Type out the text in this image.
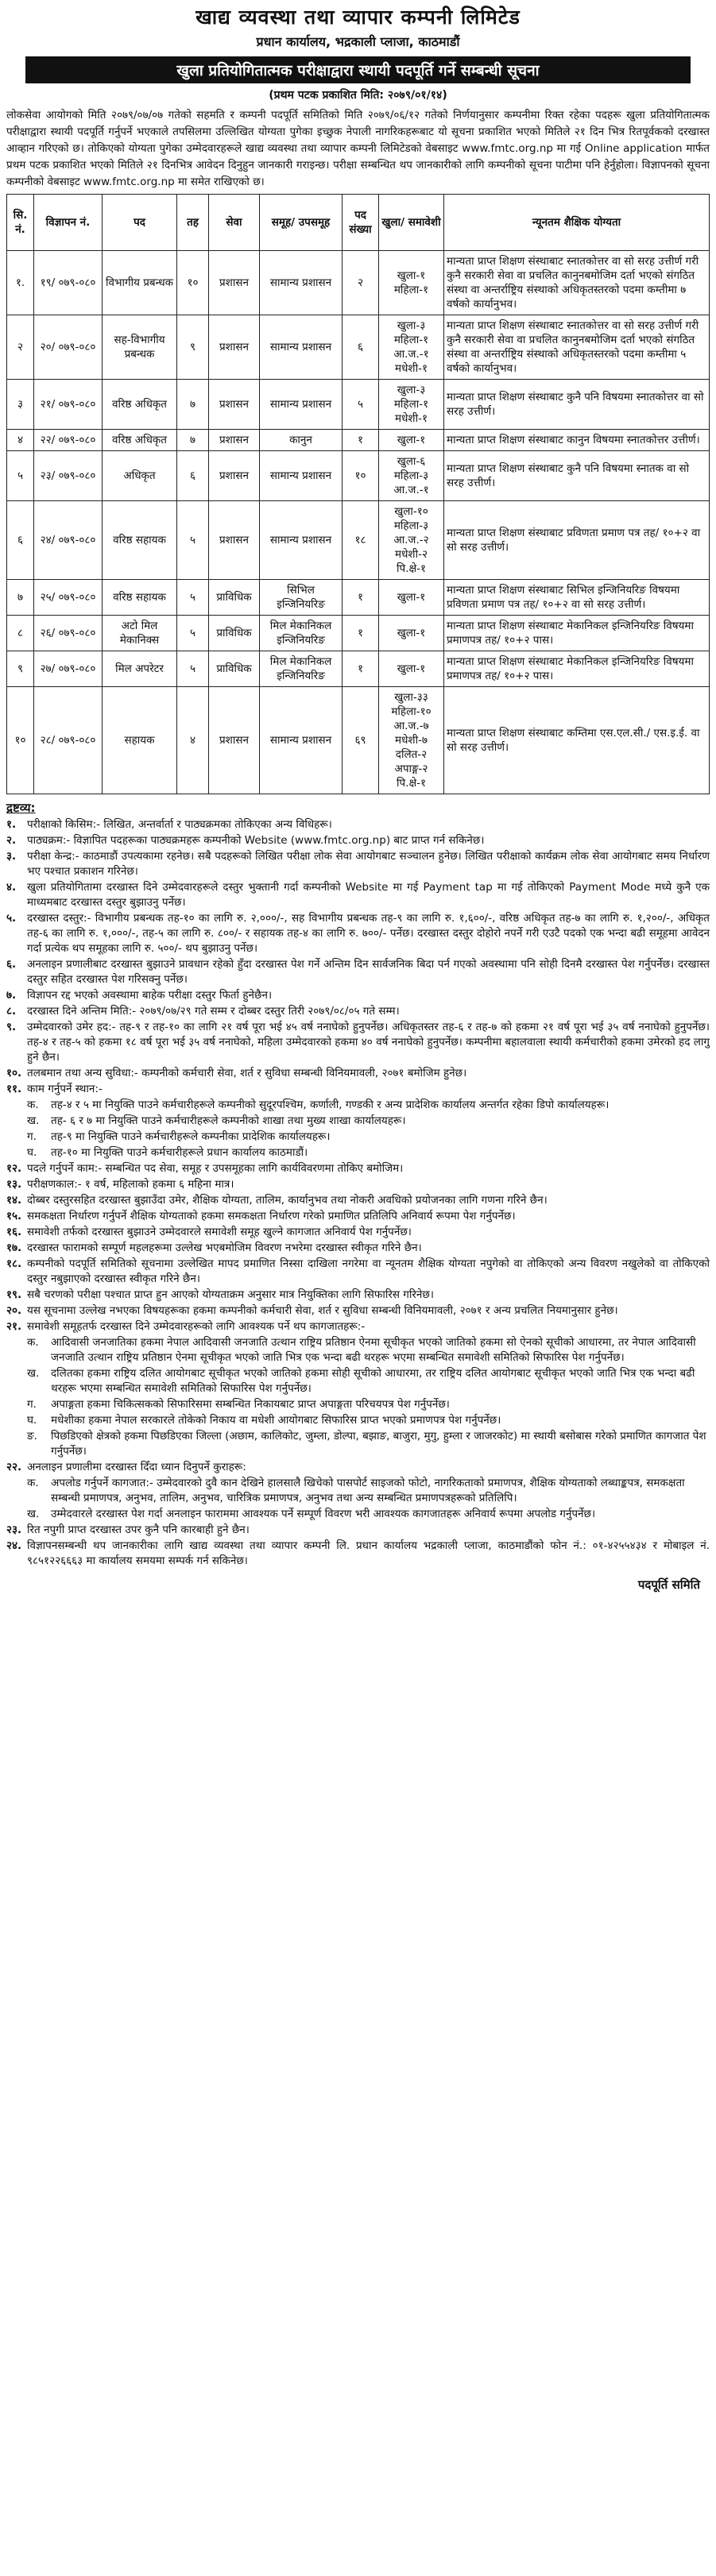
खाद्य व्यवस्था तथा व्यापार कम्पनी लिमिटेड
प्रधान कार्यालय, भद्रकाली प्लाजा, काठमाडौं
खुला प्रतियोगितात्मक परीक्षाद्वारा स्थायी पदपूर्ति गर्ने सम्बन्धी सूचना
(प्रथम पटक प्रकाशित मिति: २०७९/०१/१४)

लोकसेवा आयोगको मिति २०७९/०७/०७ गतेको सहमति र कम्पनी पदपूर्ति समितिको मिति २०७९/०६/१२ गतेको निर्णयानुसार कम्पनीमा रिक्त रहेका पदहरू खुला प्रतियोगितात्मक परीक्षाद्वारा स्थायी पदपूर्ति गर्नुपर्ने भएकाले तपसिलमा उल्लिखित योग्यता पुगेका इच्छुक नेपाली नागरिकहरूबाट यो सूचना प्रकाशित भएको मितिले २१ दिन भित्र रितपूर्वकको दरखास्त आव्हान गरिएको छ। तोकिएको योग्यता पुगेका उम्मेदवारहरूले खाद्य व्यवस्था तथा व्यापार कम्पनी लिमिटेडको वेबसाइट www.fmtc.org.np मा गई Online application मार्फत प्रथम पटक प्रकाशित भएको मितिले २१ दिनभित्र आवेदन दिनुहुन जानकारी गराइन्छ। परीक्षा सम्बन्धित थप जानकारीको लागि कम्पनीको सूचना पाटीमा पनि हेर्नुहोला। विज्ञापनको सूचना कम्पनीको वेबसाइट www.fmtc.org.np मा समेत राखिएको छ।

सि. नं.	विज्ञापन नं.	पद	तह	सेवा	समूह/ उपसमूह	पद संख्या	खुला/ समावेशी	न्यूनतम शैक्षिक योग्यता
१.	१९/ ०७९-०८०	विभागीय प्रबन्धक	१०	प्रशासन	सामान्य प्रशासन	२	खुला-१ महिला-१	मान्यता प्राप्त शिक्षण संस्थाबाट स्नातकोत्तर वा सो सरह उत्तीर्ण गरी कुनै सरकारी सेवा वा प्रचलित कानुनबमोजिम दर्ता भएको संगठित संस्था वा अन्तर्राष्ट्रिय संस्थाको अधिकृतस्तरको पदमा कम्तीमा ७ वर्षको कार्यानुभव।
२	२०/ ०७९-०८०	सह-विभागीय प्रबन्धक	९	प्रशासन	सामान्य प्रशासन	६	खुला-३ महिला-१ आ.ज.-१ मधेशी-१	मान्यता प्राप्त शिक्षण संस्थाबाट स्नातकोत्तर वा सो सरह उत्तीर्ण गरी कुनै सरकारी सेवा वा प्रचलित कानुनबमोजिम दर्ता भएको संगठित संस्था वा अन्तर्राष्ट्रिय संस्थाको अधिकृतस्तरको पदमा कम्तीमा ५ वर्षको कार्यानुभव।
३	२१/ ०७९-०८०	वरिष्ठ अधिकृत	७	प्रशासन	सामान्य प्रशासन	५	खुला-३ महिला-१ मधेशी-१	मान्यता प्राप्त शिक्षण संस्थाबाट कुनै पनि विषयमा स्नातकोत्तर वा सो सरह उत्तीर्ण।
४	२२/ ०७९-०८०	वरिष्ठ अधिकृत	७	प्रशासन	कानुन	१	खुला-१	मान्यता प्राप्त शिक्षण संस्थाबाट कानुन विषयमा स्नातकोत्तर उत्तीर्ण।
५	२३/ ०७९-०८०	अधिकृत	६	प्रशासन	सामान्य प्रशासन	१०	खुला-६ महिला-३ आ.ज.-१	मान्यता प्राप्त शिक्षण संस्थाबाट कुनै पनि विषयमा स्नातक वा सो सरह उत्तीर्ण।
६	२४/ ०७९-०८०	वरिष्ठ सहायक	५	प्रशासन	सामान्य प्रशासन	१८	खुला-१० महिला-३ आ.ज.-२ मधेशी-२ पि.क्षे-१	मान्यता प्राप्त शिक्षण संस्थाबाट प्रविणता प्रमाण पत्र तह/ १०+२ वा सो सरह उत्तीर्ण।
७	२५/ ०७९-०८०	वरिष्ठ सहायक	५	प्राविधिक	सिभिल इन्जिनियरिङ	१	खुला-१	मान्यता प्राप्त शिक्षण संस्थाबाट सिभिल इन्जिनियरिङ विषयमा प्रविणता प्रमाण पत्र तह/ १०+२ वा सो सरह उत्तीर्ण।
८	२६/ ०७९-०८०	अटो मिल मेकानिक्स	५	प्राविधिक	मिल मेकानिकल इन्जिनियरिङ	१	खुला-१	मान्यता प्राप्त शिक्षण संस्थाबाट मेकानिकल इन्जिनियरिङ विषयमा प्रमाणपत्र तह/ १०+२ पास।
९	२७/ ०७९-०८०	मिल अपरेटर	५	प्राविधिक	मिल मेकानिकल इन्जिनियरिङ	१	खुला-१	मान्यता प्राप्त शिक्षण संस्थाबाट मेकानिकल इन्जिनियरिङ विषयमा प्रमाणपत्र तह/ १०+२ पास।
१०	२८/ ०७९-०८०	सहायक	४	प्रशासन	सामान्य प्रशासन	६९	खुला-३३ महिला-१० आ.ज.-७ मधेशी-७ दलित-२ अपाङ्ग-२ पि.क्षे-१	मान्यता प्राप्त शिक्षण संस्थाबाट कम्तिमा एस.एल.सी./ एस.इ.ई. वा सो सरह उत्तीर्ण।
द्रष्टव्य:
१.	परीक्षाको किसिम:- लिखित, अन्तर्वार्ता र पाठ्यक्रमका तोकिएका अन्य विधिहरू।
२.	पाठ्यक्रम:- विज्ञापित पदहरूका पाठ्यक्रमहरू कम्पनीको Website (www.fmtc.org.np) बाट प्राप्त गर्न सकिनेछ।
३.	परीक्षा केन्द्र:- काठमाडौं उपत्यकामा रहनेछ। सबै पदहरूको लिखित परीक्षा लोक सेवा आयोगबाट सञ्चालन हुनेछ। लिखित परीक्षाको कार्यक्रम लोक सेवा आयोगबाट समय निर्धारण भए पश्चात प्रकाशन गरिनेछ।
४.	खुला प्रतियोगितामा दरखास्त दिने उम्मेदवारहरूले दस्तुर भुक्तानी गर्दा कम्पनीको Website मा गई Payment tap मा गई तोकिएको Payment Mode मध्ये कुनै एक माध्यमबाट दरखास्त दस्तुर बुझाउनु पर्नेछ।
५.	दरखास्त दस्तुर:- विभागीय प्रबन्धक तह-१० का लागि रु. २,०००/-, सह विभागीय प्रबन्धक तह-९ का लागि रु. १,६००/-, वरिष्ठ अधिकृत तह-७ का लागि रु. १,२००/-, अधिकृत तह-६ का लागि रु. १,०००/-, तह-५ का लागि रु. ८००/- र सहायक तह-४ का लागि रु. ७००/- पर्नेछ। दरखास्त दस्तुर दोहोरो नपर्ने गरी एउटै पदको एक भन्दा बढी समूहमा आवेदन गर्दा प्रत्येक थप समूहका लागि रु. ५००/- थप बुझाउनु पर्नेछ।
६.	अनलाइन प्रणालीबाट दरखास्त बुझाउने प्रावधान रहेको हुँदा दरखास्त पेश गर्ने अन्तिम दिन सार्वजनिक बिदा पर्न गएको अवस्थामा पनि सोही दिनमै दरखास्त पेश गर्नुपर्नेछ। दरखास्त दस्तुर सहित दरखास्त पेश गरिसक्नु पर्नेछ।
७.	विज्ञापन रद्द भएको अवस्थामा बाहेक परीक्षा दस्तुर फिर्ता हुनेछैन।
८.	दरखास्त दिने अन्तिम मिति:- २०७९/०७/२९ गते सम्म र दोब्बर दस्तुर तिरी २०७९/०८/०५ गते सम्म।
९.	उम्मेदवारको उमेर हद:- तह-९ र तह-१० का लागि २१ वर्ष पूरा भई ४५ वर्ष ननाघेको हुनुपर्नेछ। अधिकृतस्तर तह-६ र तह-७ को हकमा २१ वर्ष पूरा भई ३५ वर्ष ननाघेको हुनुपर्नेछ। तह-४ र तह-५ को हकमा १८ वर्ष पूरा भई ३५ वर्ष ननाघेको, महिला उम्मेदवारको हकमा ४० वर्ष ननाघेको हुनुपर्नेछ। कम्पनीमा बहालवाला स्थायी कर्मचारीको हकमा उमेरको हद लागु हुने छैन।
१०. तलबमान तथा अन्य सुविधा:- कम्पनीको कर्मचारी सेवा, शर्त र सुविधा सम्बन्धी विनियमावली, २०७१ बमोजिम हुनेछ।
११. काम गर्नुपर्ने स्थान:-
क.	तह-४ र ५ मा नियुक्ति पाउने कर्मचारीहरूले कम्पनीको सुदूरपश्चिम, कर्णाली, गण्डकी र अन्य प्रादेशिक कार्यालय अन्तर्गत रहेका डिपो कार्यालयहरू।
ख.	तह- ६ र ७ मा नियुक्ति पाउने कर्मचारीहरूले कम्पनीको शाखा तथा मुख्य शाखा कार्यालयहरू।
ग.	तह-९ मा नियुक्ति पाउने कर्मचारीहरूले कम्पनीका प्रादेशिक कार्यालयहरू।
घ.	तह-१० मा नियुक्ति पाउने कर्मचारीहरूले प्रधान कार्यालय काठमाडौं।
१२. पदले गर्नुपर्ने काम:- सम्बन्धित पद सेवा, समूह र उपसमूहका लागि कार्यविवरणमा तोकिए बमोजिम।
१३. परीक्षणकाल:- १ वर्ष, महिलाको हकमा ६ महिना मात्र।
१४. दोब्बर दस्तुरसहित दरखास्त बुझाउँदा उमेर, शैक्षिक योग्यता, तालिम, कार्यानुभव तथा नोकरी अवधिको प्रयोजनका लागि गणना गरिने छैन।
१५. समकक्षता निर्धारण गर्नुपर्ने शैक्षिक योग्यताको हकमा समकक्षता निर्धारण गरेको प्रमाणित प्रतिलिपि अनिवार्य रूपमा पेश गर्नुपर्नेछ।
१६. समावेशी तर्फको दरखास्त बुझाउने उम्मेदवारले समावेशी समूह खुल्ने कागजात अनिवार्य पेश गर्नुपर्नेछ।
१७. दरखास्त फारामको सम्पूर्ण महलहरूमा उल्लेख भएबमोजिम विवरण नभरेमा दरखास्त स्वीकृत गरिने छैन।
१८. कम्पनीको पदपूर्ति समितिको सूचनामा उल्लेखित मापद प्रमाणित निस्सा दाखिला नगरेमा वा न्यूनतम शैक्षिक योग्यता नपुगेको वा तोकिएको अन्य विवरण नखुलेको वा तोकिएको दस्तुर नबुझाएको दरखास्त स्वीकृत गरिने छैन।
१९. सबै चरणको परीक्षा पश्चात प्राप्त हुन आएको योग्यताक्रम अनुसार मात्र नियुक्तिका लागि सिफारिस गरिनेछ।
२०. यस सूचनामा उल्लेख नभएका विषयहरूका हकमा कम्पनीको कर्मचारी सेवा, शर्त र सुविधा सम्बन्धी विनियमावली, २०७१ र अन्य प्रचलित नियमानुसार हुनेछ।
२१. समावेशी समूहतर्फ दरखास्त दिने उम्मेदवारहरूको लागि आवश्यक पर्ने थप कागजातहरू:-
क.	आदिवासी जनजातिका हकमा नेपाल आदिवासी जनजाति उत्थान राष्ट्रिय प्रतिष्ठान ऐनमा सूचीकृत भएको जातिको हकमा सो ऐनको सूचीको आधारमा, तर नेपाल आदिवासी जनजाति उत्थान राष्ट्रिय प्रतिष्ठान ऐनमा सूचीकृत भएको जाति भित्र एक भन्दा बढी थरहरू भएमा सम्बन्धित समावेशी समितिको सिफारिस पेश गर्नुपर्नेछ।
ख.	दलितका हकमा राष्ट्रिय दलित आयोगबाट सूचीकृत भएको जातिको हकमा सोही सूचीको आधारमा, तर राष्ट्रिय दलित आयोगबाट सूचीकृत भएको जाति भित्र एक भन्दा बढी थरहरू भएमा सम्बन्धित समावेशी समितिको सिफारिस पेश गर्नुपर्नेछ।
ग.	अपाङ्गता हकमा चिकित्सकको सिफारिसमा सम्बन्धित निकायबाट प्राप्त अपाङ्गता परिचयपत्र पेश गर्नुपर्नेछ।
घ.	मधेशीका हकमा नेपाल सरकारले तोकेको निकाय वा मधेशी आयोगबाट सिफारिस प्राप्त भएको प्रमाणपत्र पेश गर्नुपर्नेछ।
ङ.	पिछडिएको क्षेत्रको हकमा पिछडिएका जिल्ला (अछाम, कालिकोट, जुम्ला, डोल्पा, बझाङ, बाजुरा, मुगु, हुम्ला र जाजरकोट) मा स्थायी बसोबास गरेको प्रमाणित कागजात पेश गर्नुपर्नेछ।
२२. अनलाइन प्रणालीमा दरखास्त दिँदा ध्यान दिनुपर्ने कुराहरू:
क.	अपलोड गर्नुपर्ने कागजात:- उम्मेदवारको दुवै कान देखिने हालसालै खिचेको पासपोर्ट साइजको फोटो, नागरिकताको प्रमाणपत्र, शैक्षिक योग्यताको लब्धाङ्कपत्र, समकक्षता सम्बन्धी प्रमाणपत्र, अनुभव, तालिम, अनुभव, चारित्रिक प्रमाणपत्र, अनुभव तथा अन्य सम्बन्धित प्रमाणपत्रहरूको प्रतिलिपि।
ख.	उम्मेदवारले दरखास्त पेश गर्दा अनलाइन फाराममा आवश्यक पर्ने सम्पूर्ण विवरण भरी आवश्यक कागजातहरू अनिवार्य रूपमा अपलोड गर्नुपर्नेछ।
२३. रित नपुगी प्राप्त दरखास्त उपर कुनै पनि कारबाही हुने छैन।
२४. विज्ञापनसम्बन्धी थप जानकारीका लागि खाद्य व्यवस्था तथा व्यापार कम्पनी लि. प्रधान कार्यालय भद्रकाली प्लाजा, काठमाडौंको फोन नं.: ०१-४२५५४३४ र मोबाइल नं. ९८५१२२६६६३ मा कार्यालय समयमा सम्पर्क गर्न सकिनेछ।
पदपूर्ति समिति
